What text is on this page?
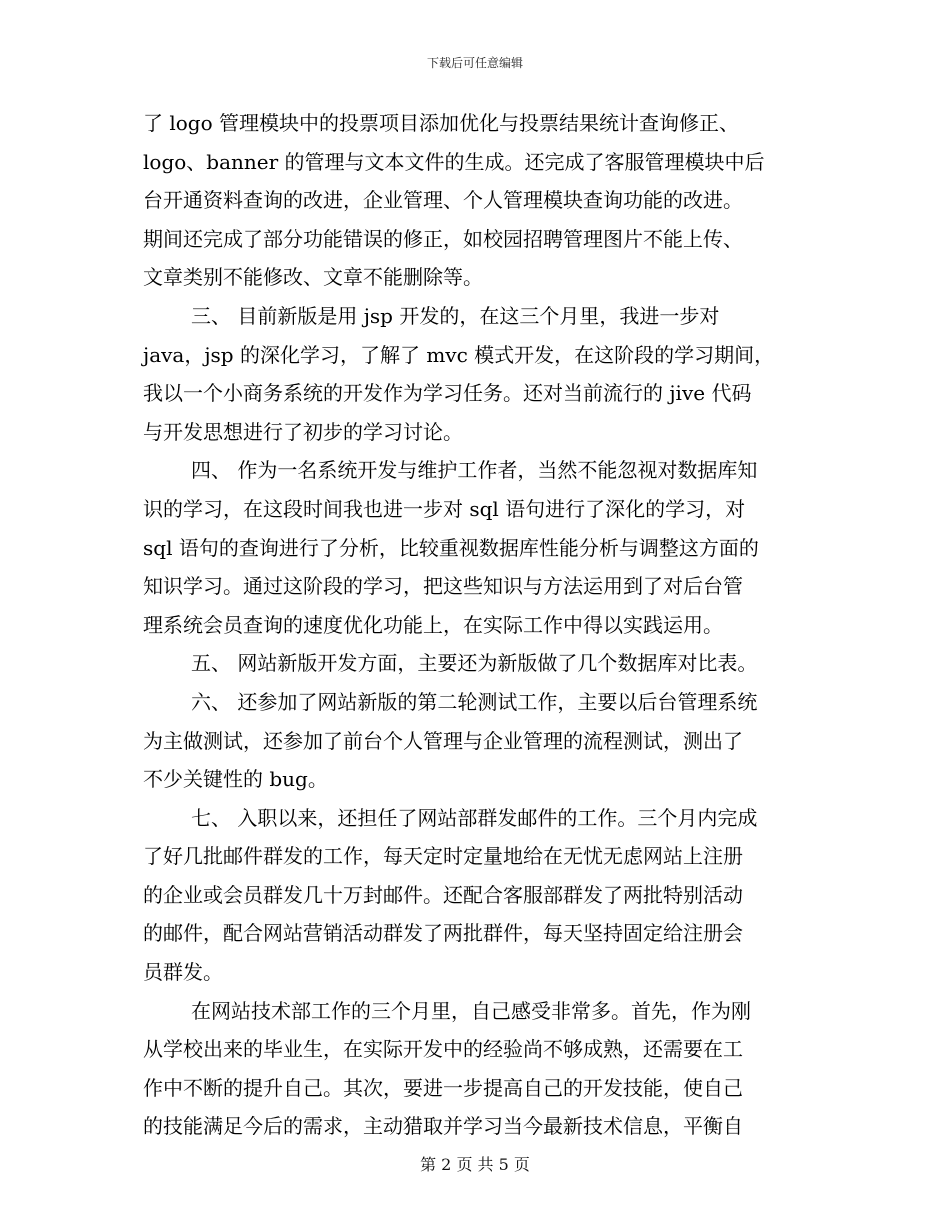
下载后可任意编辑
了 logo 管理模块中的投票项目添加优化与投票结果统计查询修正、
logo、banner 的管理与文本文件的生成。还完成了客服管理模块中后
台开通资料查询的改进，企业管理、个人管理模块查询功能的改进。
期间还完成了部分功能错误的修正，如校园招聘管理图片不能上传、
文章类别不能修改、文章不能删除等。
三、 目前新版是用 jsp 开发的，在这三个月里，我进一步对
java，jsp 的深化学习，了解了 mvc 模式开发，在这阶段的学习期间，
我以一个小商务系统的开发作为学习任务。还对当前流行的 jive 代码
与开发思想进行了初步的学习讨论。
四、 作为一名系统开发与维护工作者，当然不能忽视对数据库知
识的学习，在这段时间我也进一步对 sql 语句进行了深化的学习，对
sql 语句的查询进行了分析，比较重视数据库性能分析与调整这方面的
知识学习。通过这阶段的学习，把这些知识与方法运用到了对后台管
理系统会员查询的速度优化功能上，在实际工作中得以实践运用。
五、 网站新版开发方面，主要还为新版做了几个数据库对比表。
六、 还参加了网站新版的第二轮测试工作，主要以后台管理系统
为主做测试，还参加了前台个人管理与企业管理的流程测试，测出了
不少关键性的 bug。
七、 入职以来，还担任了网站部群发邮件的工作。三个月内完成
了好几批邮件群发的工作，每天定时定量地给在无忧无虑网站上注册
的企业或会员群发几十万封邮件。还配合客服部群发了两批特别活动
的邮件，配合网站营销活动群发了两批群件，每天坚持固定给注册会
员群发。
在网站技术部工作的三个月里，自己感受非常多。首先，作为刚
从学校出来的毕业生，在实际开发中的经验尚不够成熟，还需要在工
作中不断的提升自己。其次，要进一步提高自己的开发技能，使自己
的技能满足今后的需求，主动猎取并学习当今最新技术信息，平衡自
第 2 页 共 5 页
